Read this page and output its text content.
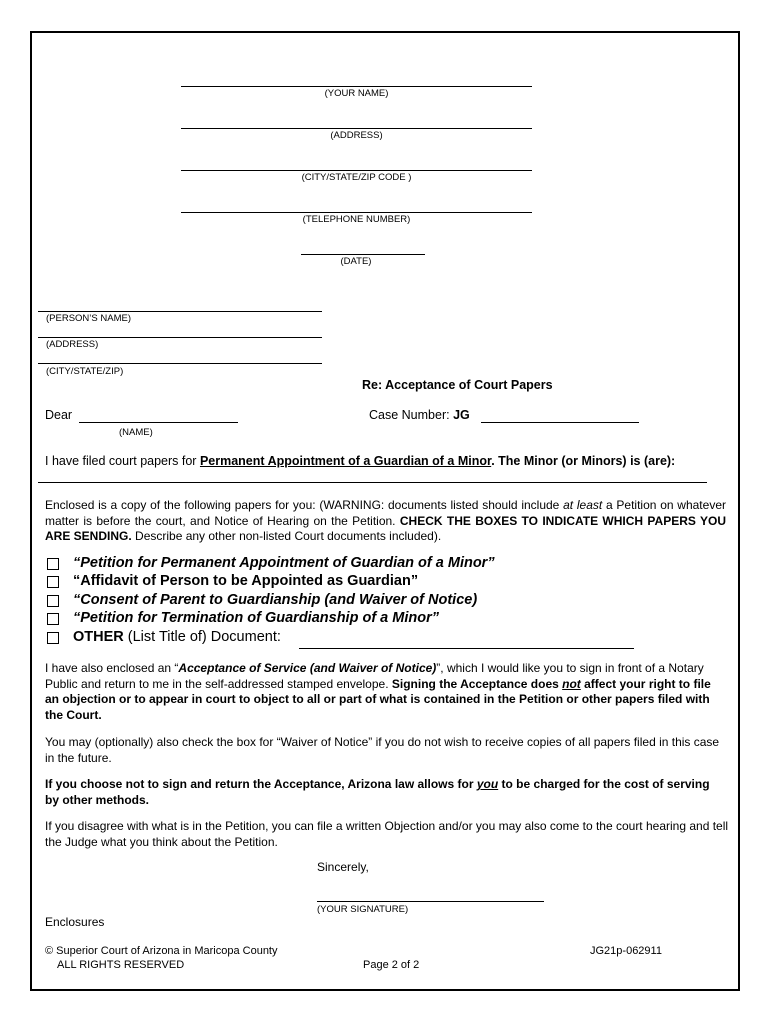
(YOUR NAME)
(ADDRESS)
(CITY/STATE/ZIP CODE )
(TELEPHONE NUMBER)
(DATE)
(PERSON’S NAME)
(ADDRESS)
(CITY/STATE/ZIP)
Re: Acceptance of Court Papers
Dear
(NAME)
Case Number: JG
I have filed court papers for Permanent Appointment of a Guardian of a Minor. The Minor (or Minors) is (are):
Enclosed is a copy of the following papers for you: (WARNING: documents listed should include at least a Petition on whatever matter is before the court, and Notice of Hearing on the Petition. CHECK THE BOXES TO INDICATE WHICH PAPERS YOU ARE SENDING. Describe any other non-listed Court documents included).
“Petition for Permanent Appointment of Guardian of a Minor”
“Affidavit of Person to be Appointed as Guardian”
“Consent of Parent to Guardianship (and Waiver of Notice)
“Petition for Termination of Guardianship of a Minor”
OTHER (List Title of) Document:
I have also enclosed an “Acceptance of Service (and Waiver of Notice)”, which I would like you to sign in front of a Notary Public and return to me in the self-addressed stamped envelope. Signing the Acceptance does not affect your right to file an objection or to appear in court to object to all or part of what is contained in the Petition or other papers filed with the Court.
You may (optionally) also check the box for “Waiver of Notice” if you do not wish to receive copies of all papers filed in this case in the future.
If you choose not to sign and return the Acceptance, Arizona law allows for you to be charged for the cost of serving by other methods.
If you disagree with what is in the Petition, you can file a written Objection and/or you may also come to the court hearing and tell the Judge what you think about the Petition.
Sincerely,
(YOUR SIGNATURE)
Enclosures
© Superior Court of Arizona in Maricopa County
ALL RIGHTS RESERVED	Page 2 of 2
JG21p-062911
